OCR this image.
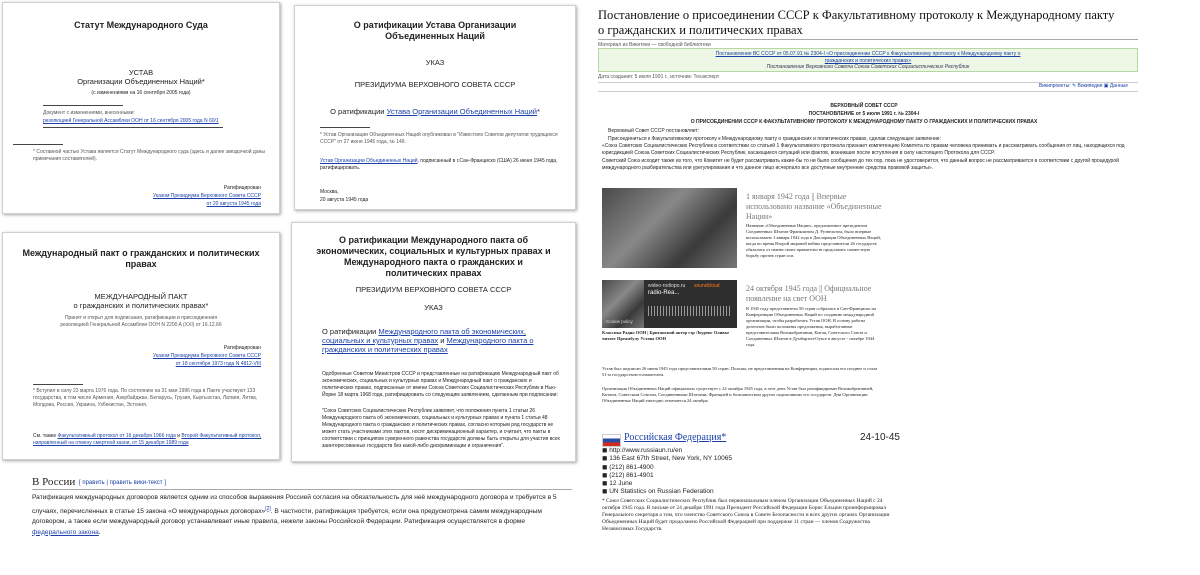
Статут Международного Суда
УСТАВ
Организации Объединенных Наций*
(с изменениями на 16 сентября 2005 года)
Документ с изменениями, внесенными:
резолюцией Генеральной Ассамблеи ООН от 16 сентября 2005 года N 60/1
* Составной частью Устава является Статут Международного суда (здесь и далее звездочкой даны примечания составителей).
Ратифицирован
Указом Президиума Верховного Совета СССР
от 20 августа 1945 года
О ратификации Устава Организации Объединенных Наций
УКАЗ
ПРЕЗИДИУМА ВЕРХОВНОГО СОВЕТА СССР
О ратификации Устава Организации Объединенных Наций*
* Устав Организации Объединенных Наций опубликован в "Известиях Советов депутатов трудящихся СССР" от 27 июня 1945 года, № 149.
Устав Организации Объединенных Наций, подписанный в г.Сан-Франциско (США) 26 июня 1945 года, ратифицировать.
Москва,
20 августа 1945 года
Международный пакт о гражданских и политических правах
МЕЖДУНАРОДНЫЙ ПАКТ
о гражданских и политических правах*
Принят и открыт для подписания, ратификации и присоединения резолюцией Генеральной Ассамблеи ООН N 2200 A (XXI) от 16.12.66
Ратифицирован
Указом Президиума Верховного Совета СССР
от 18 сентября 1973 года N 4812-VIII
* Вступил в силу 23 марта 1976 года. По состоянию на 31 мая 1996 года в Пакте участвуют 133 государства, в том числе Армения, Азербайджан, Беларусь, Грузия, Кыргызстан, Латвия, Литва, Молдова, Россия, Украина, Узбекистан, Эстония.
См. также Факультативный протокол от 16 декабря 1966 года и Второй Факультативный протокол, направленный на отмену смертной казни, от 15 декабря 1989 года
О ратификации Международного пакта об экономических, социальных и культурных правах и Международного пакта о гражданских и политических правах
ПРЕЗИДИУМ ВЕРХОВНОГО СОВЕТА СССР
УКАЗ
О ратификации Международного пакта об экономических, социальных и культурных правах и Международного пакта о гражданских и политических правах
Одобренные Советом Министров СССР и представленные на ратификацию Международный пакт об экономических, социальных и культурных правах и Международный пакт о гражданских и политических правах, подписанные от имени Союза Советских Социалистических Республик в Нью-Йорке 18 марта 1968 года, ратифицировать со следующим заявлением, сделанным при подписании:
"Союз Советских Социалистических Республик заявляет, что положения пункта 1 статьи 26 Международного пакта об экономических, социальных и культурных правах и пункта 1 статьи 48 Международного пакта о гражданских и политических правах, согласно которым ряд государств не может стать участниками этих пактов, носят дискриминационный характер, и считает, что пакты в соответствии с принципом суверенного равенства государств должны быть открыты для участия всех заинтересованных государств без какой-либо дискриминации и ограничения".
Постановление о присоединении СССР к Факультативному протоколу к Международному пакту о гражданских и политических правах
Материал из Викитеки — свободной библиотеки
Постановление ВС СССР от 05.07.91 № 2304-I «О присоединении СССР к Факультативному протоколу к Международному пакту о гражданских и политических правах»
Постановление Верховного Совета Союза Советских Социалистических Республик
Дата создания: 5 июля 1991 г., источник: Техэксперт
Википроекты: ✎ Википедия ▣ Данные
ВЕРХОВНЫЙ СОВЕТ СССР
ПОСТАНОВЛЕНИЕ от 5 июля 1991 г. № 2304-I
О ПРИСОЕДИНЕНИИ СССР К ФАКУЛЬТАТИВНОМУ ПРОТОКОЛУ К МЕЖДУНАРОДНОМУ ПАКТУ О ГРАЖДАНСКИХ И ПОЛИТИЧЕСКИХ ПРАВАХ
Верховный Совет СССР постановляет:
Присоединиться к Факультативному протоколу к Международному пакту о гражданских и политических правах, сделав следующее заявление:
«Союз Советских Социалистических Республик в соответствии со статьей 1 Факультативного протокола признает компетенцию Комитета по правам человека принимать и рассматривать сообщения от лиц, находящихся под юрисдикцией Союза Советских Социалистических Республик, касающиеся ситуаций или фактов, возникших после вступления в силу настоящего Протокола для СССР.
Советский Союз исходит также из того, что Комитет не будет рассматривать какие-бы то ни было сообщения до тех пор, пока не удостоверится, что данный вопрос не рассматривается в соответствии с другой процедурой международного разбирательства или урегулирования и что данное лицо исчерпало все доступные внутренние средства правовой защиты».
1 января 1942 года || Впервые использовано название «Объединенные Нации»
Название «Объединенные Нации», предложенное президентом Соединенных Штатов Франклином Д. Рузвельтом, было впервые использовано 1 января 1942 года в Декларации Объединенных Наций, когда во время Второй мировой войны представители 26 государств обязались от имени своих правительств продолжать совместную борьбу против стран оси.
wideo-rodiopo.ru
radio-Rea...
soundcloud
Cookie policy
Классика Радио ООН | Британский актер сэр Лоуренс Оливье читает Преамбулу Устава ООН
24 октября 1945 года || Официальное появление на свет ООН
В 1945 году представители 50 стран собрались в Сан-Франциско на Конференцию Объединенных Наций по созданию международной организации, чтобы разработать Устав ООН. В основу работы делегатов были положены предложения, выработанные представителями Великобритании, Китая, Советского Союза и Соединенных Штатов в Думбартон-Оуксе в августе - октябре 1944 года.
Устав был подписан 26 июня 1945 года представителями 50 стран. Польша, не представленная на Конференции, подписала его позднее и стала 51-м государством-основателем.
Организация Объединенных Наций официально существует с 24 октября 1945 года, в этот день Устав был ратифицирован Великобританией, Китаем, Советским Союзом, Соединенными Штатами, Францией и большинством других подписавших его государств. Дни Организации Объединенных Наций ежегодно отмечается 24 октября.
Российская Федерация*	24-10-45
◼ http://www.russiaun.ru/en
◼ 136 East 67th Street, New York, NY 10065
◼ (212) 861-4900
◼ (212) 861-4901
◼ 12 June
◼ UN Statistics on Russian Federation
* Союз Советских Социалистических Республик был первоначальным членом Организации Объединенных Наций с 24 октября 1945 года. В письме от 24 декабря 1991 года Президент Российской Федерации Борис Ельцин проинформировал Генерального секретаря о том, что членство Советского Союза в Совете Безопасности и всех других органах Организации Объединенных Наций будет продолжено Российской Федерацией при поддержке 11 стран — членов Содружества Независимых Государств.
В России [ править | править вики-текст ]
Ратификация международных договоров является одним из способов выражения Россией согласия на обязательность для неё международного договора и требуется в 5 случаях, перечисленных в статье 15 закона «О международных договорах»[2]. В частности, ратификация требуется, если она предусмотрена самим международным договором, а также если международный договор устанавливает иные правила, нежели законы Российской Федерации. Ратификация осуществляется в форме федерального закона.
